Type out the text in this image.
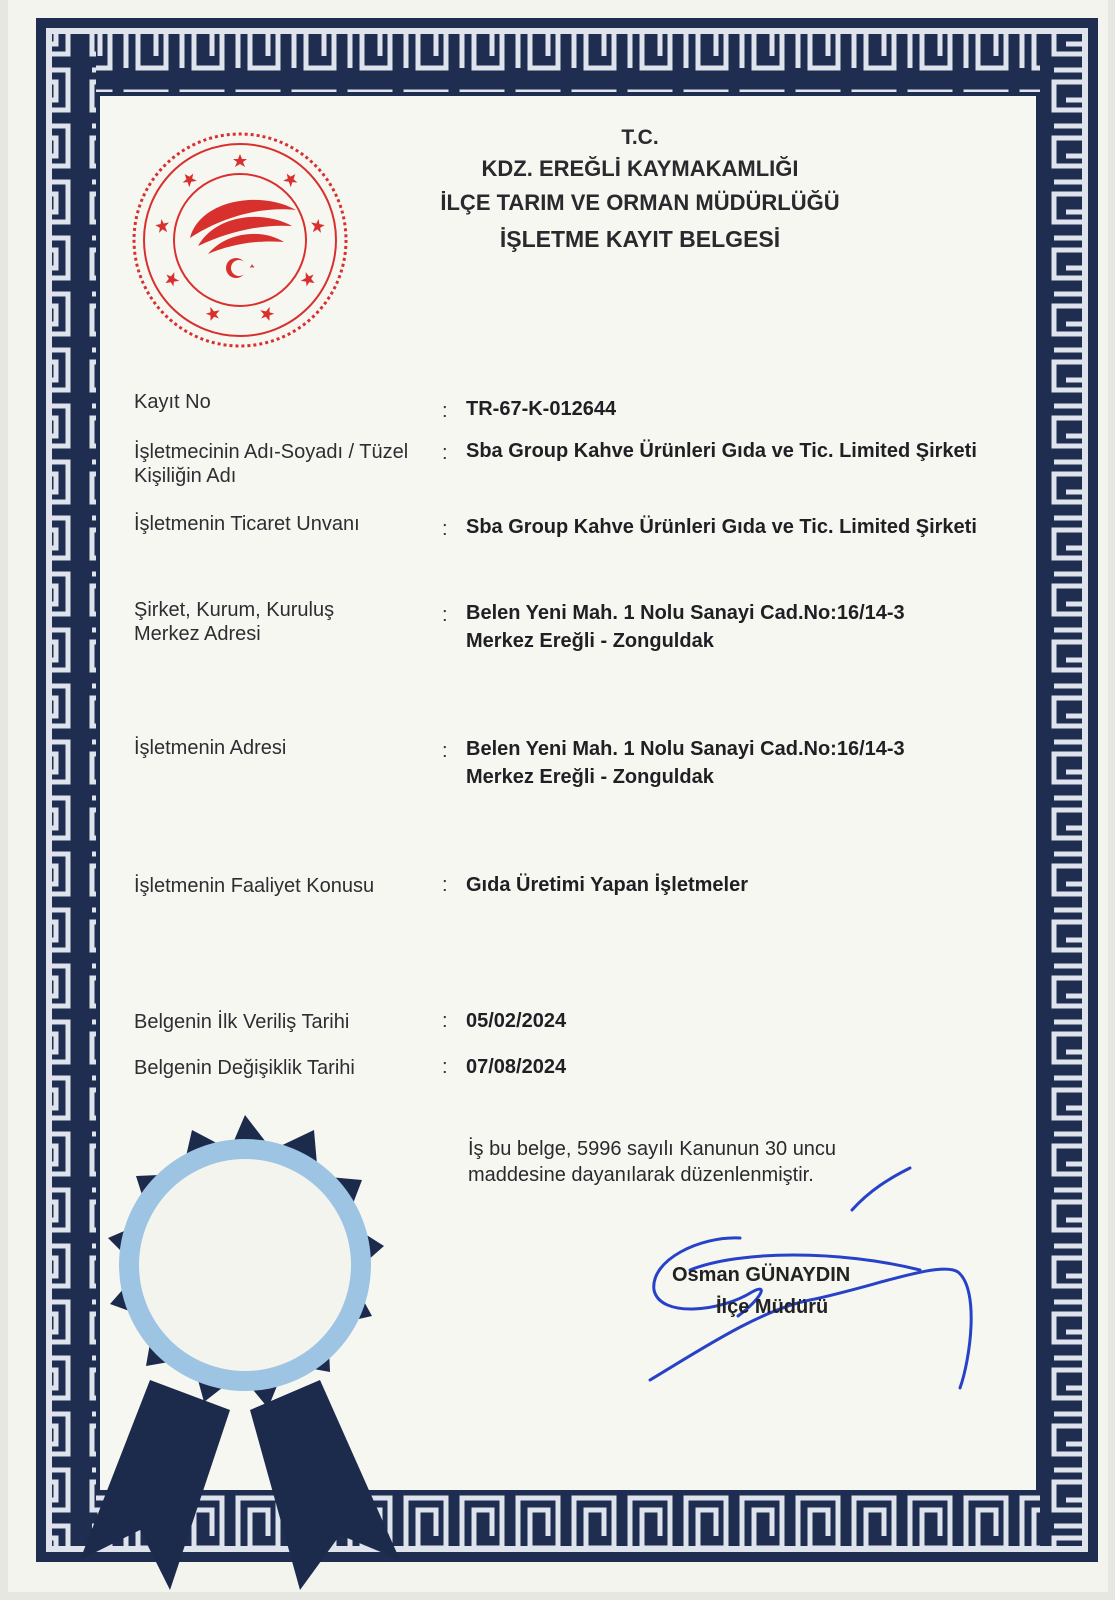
T.C.
KDZ. EREĞLİ KAYMAKAMLIĞI
İLÇE TARIM VE ORMAN MÜDÜRLÜĞÜ
İŞLETME KAYIT BELGESİ
Kayıt No	: TR-67-K-012644
İşletmecinin Adı-Soyadı / Tüzel Kişiliğin Adı
: Sba Group Kahve Ürünleri Gıda ve Tic. Limited Şirketi
İşletmenin Ticaret Unvanı	: Sba Group Kahve Ürünleri Gıda ve Tic. Limited Şirketi
Şirket, Kurum, Kuruluş Merkez Adresi
: Belen Yeni Mah. 1 Nolu Sanayi Cad.No:16/14-3
Merkez Ereğli - Zonguldak
İşletmenin Adresi	: Belen Yeni Mah. 1 Nolu Sanayi Cad.No:16/14-3
Merkez Ereğli - Zonguldak
İşletmenin Faaliyet Konusu	: Gıda Üretimi Yapan İşletmeler
Belgenin İlk Veriliş Tarihi	: 05/02/2024
Belgenin Değişiklik Tarihi	: 07/08/2024
İş bu belge, 5996 sayılı Kanunun 30 uncu
maddesine dayanılarak düzenlenmiştir.
Osman GÜNAYDIN
İlçe Müdürü
